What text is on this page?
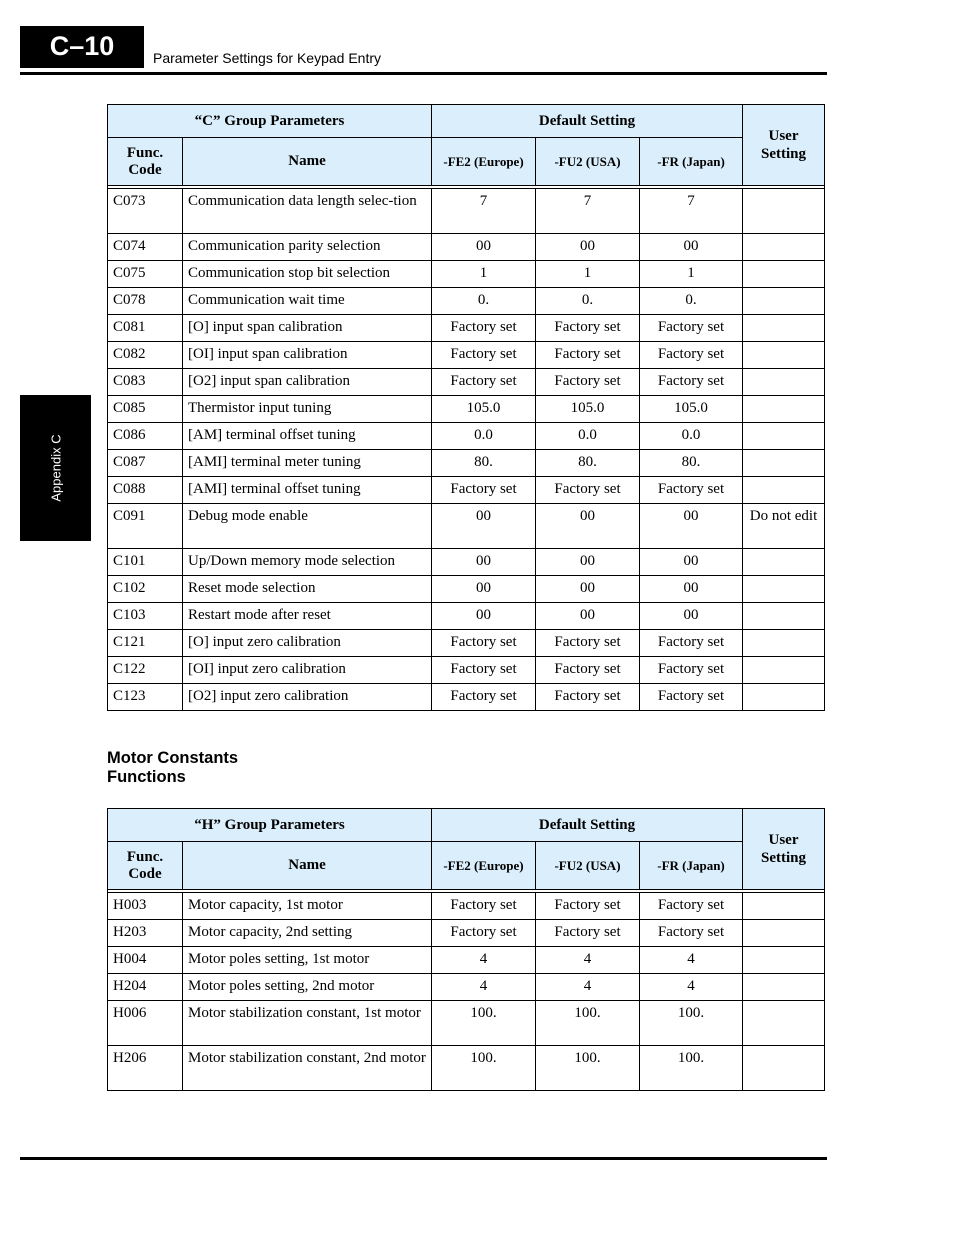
C–10	Parameter Settings for Keypad Entry
Appendix C
“C” Group Parameters		Default Setting			User Setting
Func. Code	Name	-FE2 (Europe)	-FU2 (USA)	-FR (Japan)	

C073	Communication data length selec-tion	7	7	7	
C074	Communication parity selection	00	00	00	
C075	Communication stop bit selection	1	1	1	
C078	Communication wait time	0.	0.	0.	
C081	[O] input span calibration	Factory set	Factory set	Factory set	
C082	[OI] input span calibration	Factory set	Factory set	Factory set	
C083	[O2] input span calibration	Factory set	Factory set	Factory set	
C085	Thermistor input tuning	105.0	105.0	105.0	
C086	[AM] terminal offset tuning	0.0	0.0	0.0	
C087	[AMI] terminal meter tuning	80.	80.	80.	
C088	[AMI] terminal offset tuning	Factory set	Factory set	Factory set	
C091	Debug mode enable	00	00	00	Do not edit
C101	Up/Down memory mode selection	00	00	00	
C102	Reset mode selection	00	00	00	
C103	Restart mode after reset	00	00	00	
C121	[O] input zero calibration	Factory set	Factory set	Factory set	
C122	[OI] input zero calibration	Factory set	Factory set	Factory set	
C123	[O2] input zero calibration	Factory set	Factory set	Factory set	
Motor Constants
Functions
“H” Group Parameters		Default Setting			User Setting
Func. Code	Name	-FE2 (Europe)	-FU2 (USA)	-FR (Japan)	

H003	Motor capacity, 1st motor	Factory set	Factory set	Factory set	
H203	Motor capacity, 2nd setting	Factory set	Factory set	Factory set	
H004	Motor poles setting, 1st motor	4	4	4	
H204	Motor poles setting, 2nd motor	4	4	4	
H006	Motor stabilization constant, 1st motor	100.	100.	100.	
H206	Motor stabilization constant, 2nd motor	100.	100.	100.	
